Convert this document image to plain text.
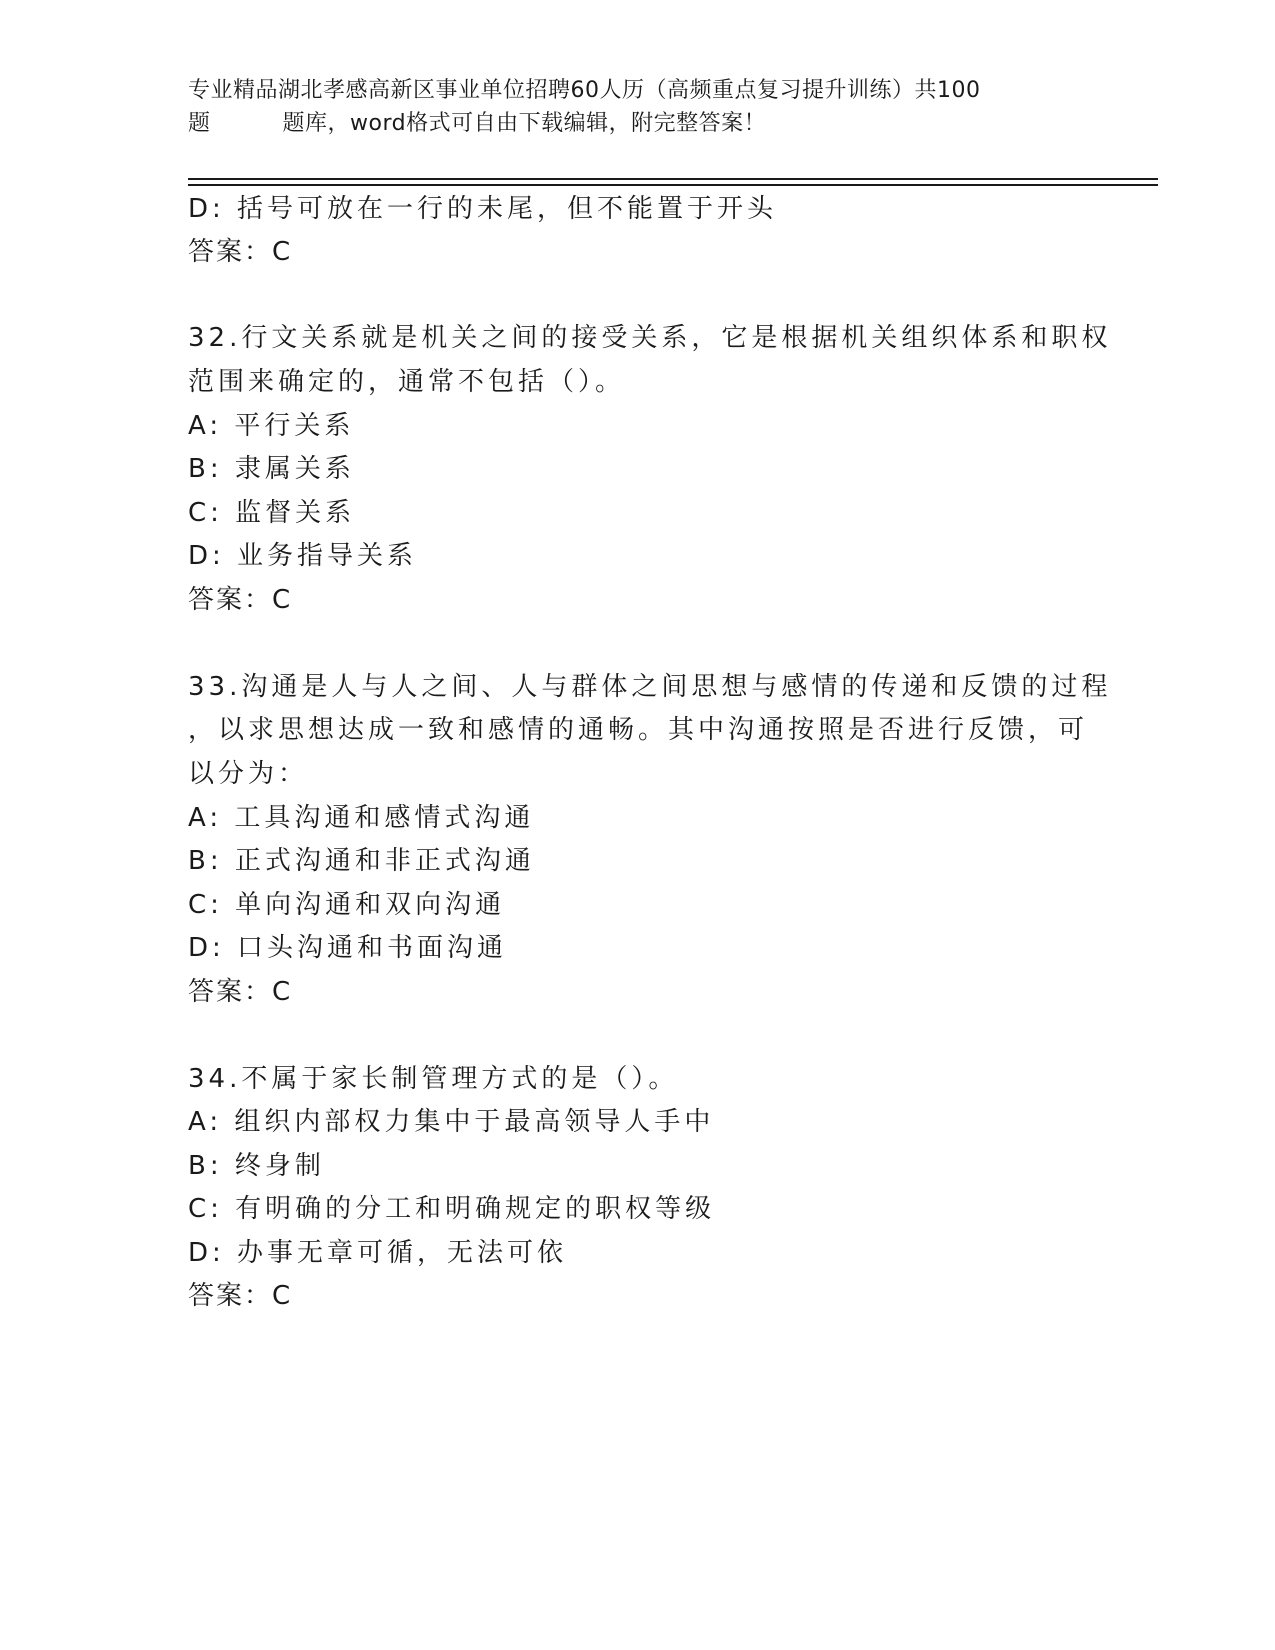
专业精品湖北孝感高新区事业单位招聘60人历（高频重点复习提升训练）共100
题	题库，word格式可自由下载编辑，附完整答案！
D: 括号可放在一行的未尾，但不能置于开头
答案：C
32.行文关系就是机关之间的接受关系，它是根据机关组织体系和职权
范围来确定的，通常不包括（）。
A: 平行关系
B: 隶属关系
C: 监督关系
D: 业务指导关系
答案：C
33.沟通是人与人之间、人与群体之间思想与感情的传递和反馈的过程
，以求思想达成一致和感情的通畅。其中沟通按照是否进行反馈，可
以分为：
A: 工具沟通和感情式沟通
B: 正式沟通和非正式沟通
C: 单向沟通和双向沟通
D: 口头沟通和书面沟通
答案：C
34.不属于家长制管理方式的是（）。
A: 组织内部权力集中于最高领导人手中
B: 终身制
C: 有明确的分工和明确规定的职权等级
D: 办事无章可循，无法可依
答案：C
